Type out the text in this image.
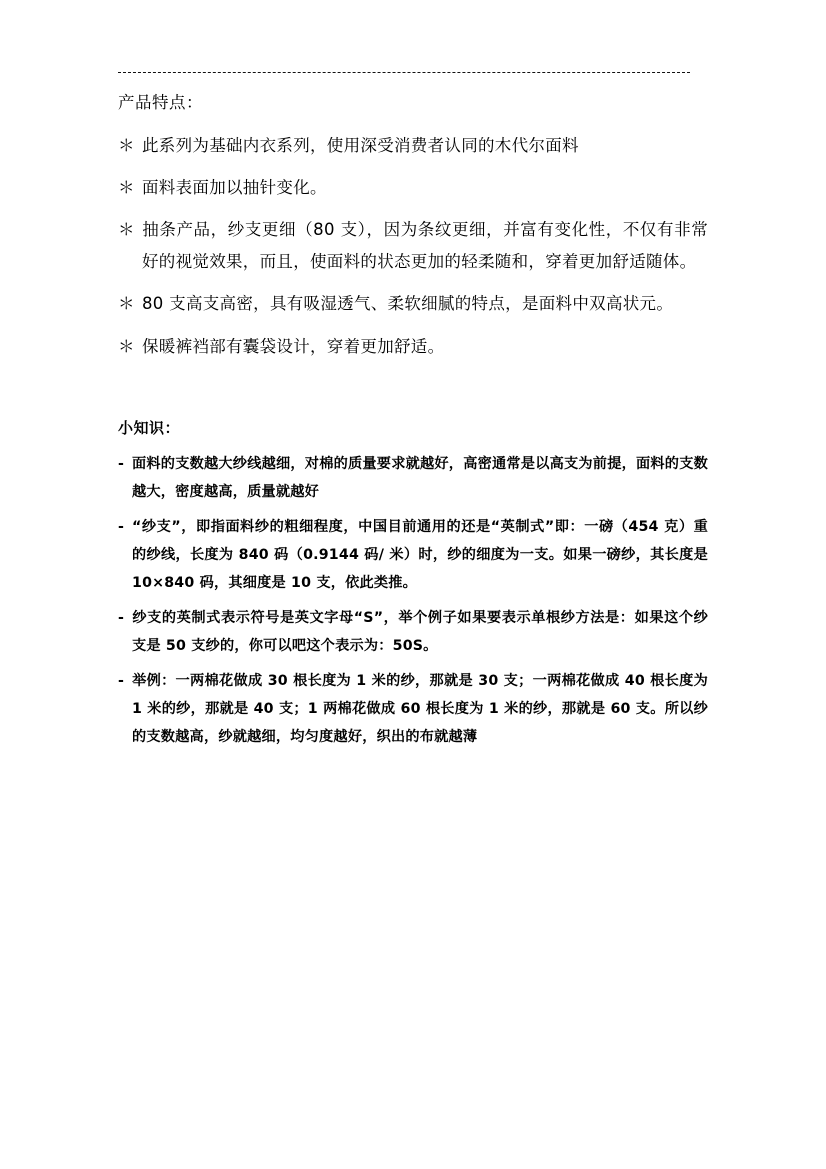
产品特点：

＊ 此系列为基础内衣系列，使用深受消费者认同的木代尔面料

＊ 面料表面加以抽针变化。

＊ 抽条产品，纱支更细（80 支），因为条纹更细，并富有变化性，不仅有非常好的视觉效果，而且，使面料的状态更加的轻柔随和，穿着更加舒适随体。

＊ 80 支高支高密，具有吸湿透气、柔软细腻的特点，是面料中双高状元。

＊ 保暖裤裆部有囊袋设计，穿着更加舒适。

小知识：

- 面料的支数越大纱线越细，对棉的质量要求就越好，高密通常是以高支为前提，面料的支数越大，密度越高，质量就越好

- “纱支”，即指面料纱的粗细程度，中国目前通用的还是“英制式”即：一磅（454 克）重的纱线，长度为 840 码（0.9144 码/ 米）时，纱的细度为一支。如果一磅纱，其长度是 10×840 码，其细度是 10 支，依此类推。

- 纱支的英制式表示符号是英文字母“S”，举个例子如果要表示单根纱方法是：如果这个纱支是 50 支纱的，你可以吧这个表示为：50S。

- 举例：一两棉花做成 30 根长度为 1 米的纱，那就是 30 支；一两棉花做成 40 根长度为 1 米的纱，那就是 40 支；1 两棉花做成 60 根长度为 1 米的纱，那就是 60 支。所以纱的支数越高，纱就越细，均匀度越好，织出的布就越薄
